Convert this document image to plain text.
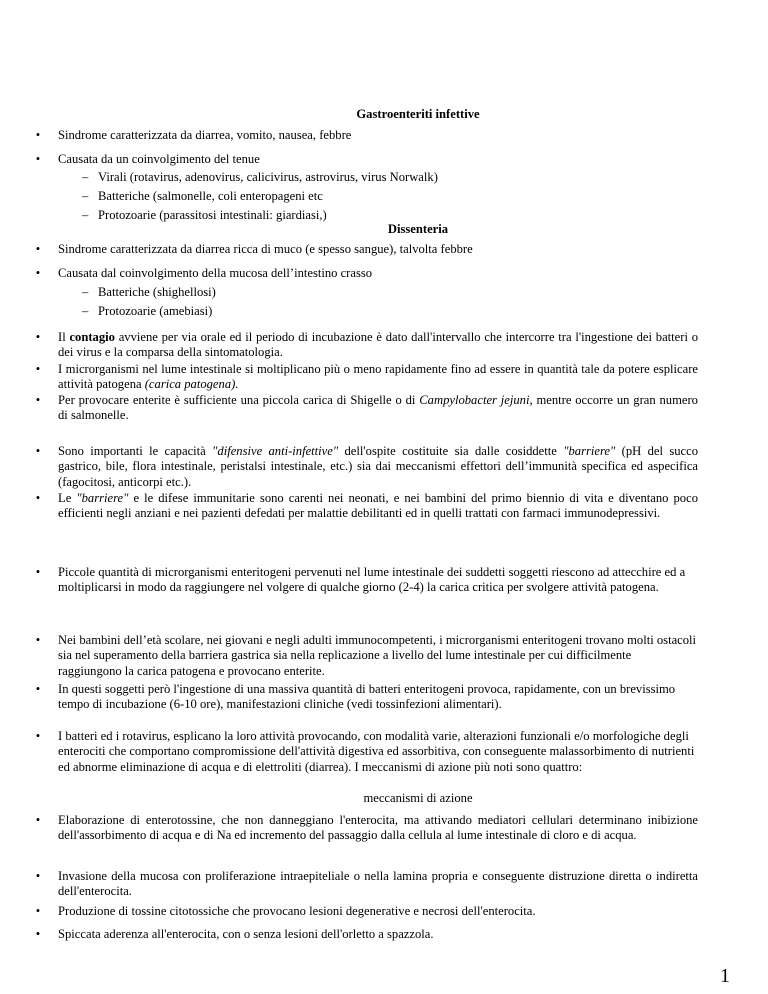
Gastroenteriti infettive
•	Sindrome caratterizzata da diarrea, vomito, nausea, febbre
•	Causata da un coinvolgimento del tenue
– Virali (rotavirus, adenovirus, calicivirus, astrovirus, virus Norwalk)
– Batteriche (salmonelle, coli enteropageni etc
– Protozoarie (parassitosi intestinali: giardiasi,)
Dissenteria
•	Sindrome caratterizzata da diarrea ricca di muco (e spesso sangue), talvolta febbre
•	Causata dal coinvolgimento della mucosa dell’intestino crasso
– Batteriche (shighellosi)
– Protozoarie (amebiasi)
•	Il contagio avviene per via orale ed il periodo di incubazione è dato dall'intervallo che intercorre tra l'ingestione dei batteri o dei virus e la comparsa della sintomatologia.
•	I microrganismi nel lume intestinale si moltiplicano più o meno rapidamente fino ad essere in quantità tale da potere esplicare attività patogena (carica patogena).
•	Per provocare enterite è sufficiente una piccola carica di Shigelle o di Campylobacter jejuni, mentre occorre un gran numero di salmonelle.
•	Sono importanti le capacità "difensive anti-infettive" dell'ospite costituite sia dalle cosiddette "barriere" (pH del succo gastrico, bile, flora intestinale, peristalsi intestinale, etc.) sia dai meccanismi effettori dell’immunità specifica ed aspecifica (fagocitosi, anticorpi etc.).
•	Le "barriere" e le difese immunitarie sono carenti nei neonati, e nei bambini del primo biennio di vita e diventano poco efficienti negli anziani e nei pazienti defedati per malattie debilitanti ed in quelli trattati con farmaci immunodepressivi.
•	Piccole quantità di microrganismi enteritogeni pervenuti nel lume intestinale dei suddetti soggetti riescono ad attecchire ed a moltiplicarsi in modo da raggiungere nel volgere di qualche giorno (2-4) la carica critica per svolgere attività patogena.
•	Nei bambini dell’età scolare, nei giovani e negli adulti immunocompetenti, i microrganismi enteritogeni trovano molti ostacoli sia nel superamento della barriera gastrica sia nella replicazione a livello del lume intestinale per cui difficilmente raggiungono la carica patogena e provocano enterite.
•	In questi soggetti però l'ingestione di una massiva quantità di batteri enteritogeni provoca, rapidamente, con un brevissimo tempo di incubazione (6-10 ore), manifestazioni cliniche (vedi tossinfezioni alimentari).
•	I batteri ed i rotavirus, esplicano la loro attività provocando, con modalità varie, alterazioni funzionali e/o morfologiche degli enterociti che comportano compromissione dell'attività digestiva ed assorbitiva, con conseguente malassorbimento di nutrienti ed abnorme eliminazione di acqua e di elettroliti (diarrea). I meccanismi di azione più noti sono quattro:
meccanismi di azione
•	Elaborazione di enterotossine, che non danneggiano l'enterocita, ma attivando mediatori cellulari determinano inibizione dell'assorbimento di acqua e di Na ed incremento del passaggio dalla cellula al lume intestinale di cloro e di acqua.
•	Invasione della mucosa con proliferazione intraepiteliale o nella lamina propria e conseguente distruzione diretta o indiretta dell'enterocita.
•	Produzione di tossine citotossiche che provocano lesioni degenerative e necrosi dell'enterocita.
•	Spiccata aderenza all'enterocita, con o senza lesioni dell'orletto a spazzola.
1
